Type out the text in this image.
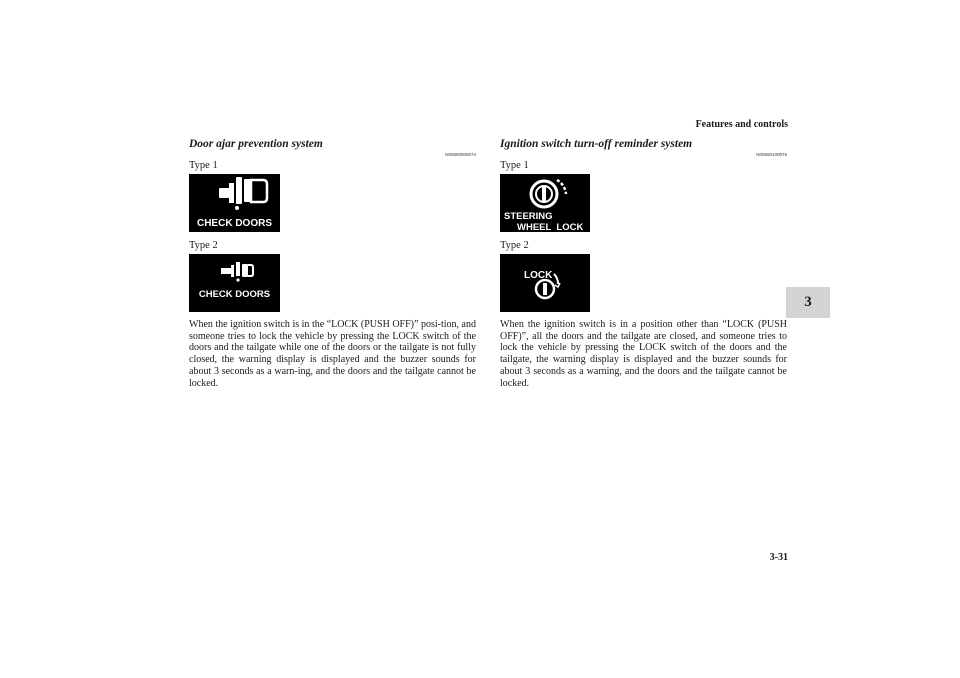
Features and controls
3
Door ajar prevention system
N00560000074
Type 1
CHECK DOORS
Type 2
CHECK DOORS
When the ignition switch is in the “LOCK (PUSH OFF)” posi-tion, and someone tries to lock the vehicle by pressing the LOCK switch of the doors and the tailgate while one of the doors or the tailgate is not fully closed, the warning display is displayed and the buzzer sounds for about 3 seconds as a warn-ing, and the doors and the tailgate cannot be locked.
Ignition switch turn-off reminder system
N00560100075
Type 1
STEERING
WHEEL  LOCK
Type 2
LOCK
When the ignition switch is in a position other than “LOCK (PUSH OFF)”, all the doors and the tailgate are closed, and someone tries to lock the vehicle by pressing the LOCK switch of the doors and the tailgate, the warning display is displayed and the buzzer sounds for about 3 seconds as a warning, and the doors and the tailgate cannot be locked.
3-31
